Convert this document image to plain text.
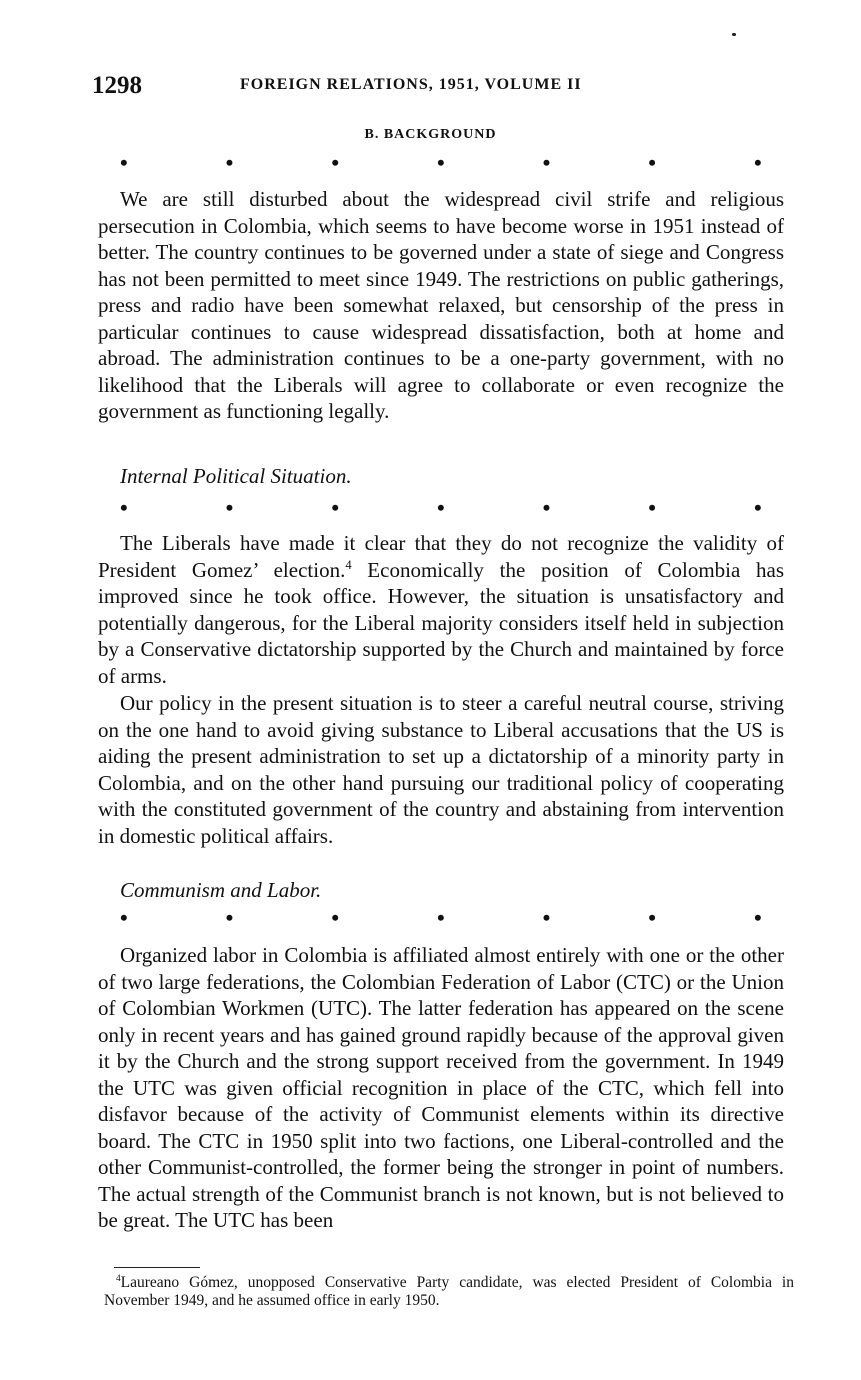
1298	FOREIGN RELATIONS, 1951, VOLUME II
B. BACKGROUND
•	•	•	•	•	•	•

We are still disturbed about the widespread civil strife and religious persecution in Colombia, which seems to have become worse in 1951 instead of better. The country continues to be governed under a state of siege and Congress has not been permitted to meet since 1949. The restrictions on public gatherings, press and radio have been somewhat relaxed, but censorship of the press in particular continues to cause widespread dissatisfaction, both at home and abroad. The administration continues to be a one-party government, with no likelihood that the Liberals will agree to collaborate or even recognize the government as functioning legally.

Internal Political Situation.
•	•	•	•	•	•	•

The Liberals have made it clear that they do not recognize the validity of President Gomez’ election.$^4$ Economically the position of Colombia has improved since he took office. However, the situation is unsatisfactory and potentially dangerous, for the Liberal majority considers itself held in subjection by a Conservative dictatorship supported by the Church and maintained by force of arms.

Our policy in the present situation is to steer a careful neutral course, striving on the one hand to avoid giving substance to Liberal accusations that the US is aiding the present administration to set up a dictatorship of a minority party in Colombia, and on the other hand pursuing our traditional policy of cooperating with the constituted government of the country and abstaining from intervention in domestic political affairs.

Communism and Labor.
•	•	•	•	•	•	•

Organized labor in Colombia is affiliated almost entirely with one or the other of two large federations, the Colombian Federation of Labor (CTC) or the Union of Colombian Workmen (UTC). The latter federation has appeared on the scene only in recent years and has gained ground rapidly because of the approval given it by the Church and the strong support received from the government. In 1949 the UTC was given official recognition in place of the CTC, which fell into disfavor because of the activity of Communist elements within its directive board. The CTC in 1950 split into two factions, one Liberal-controlled and the other Communist-controlled, the former being the stronger in point of numbers. The actual strength of the Communist branch is not known, but is not believed to be great. The UTC has been

$^4$Laureano Gómez, unopposed Conservative Party candidate, was elected President of Colombia in November 1949, and he assumed office in early 1950.
